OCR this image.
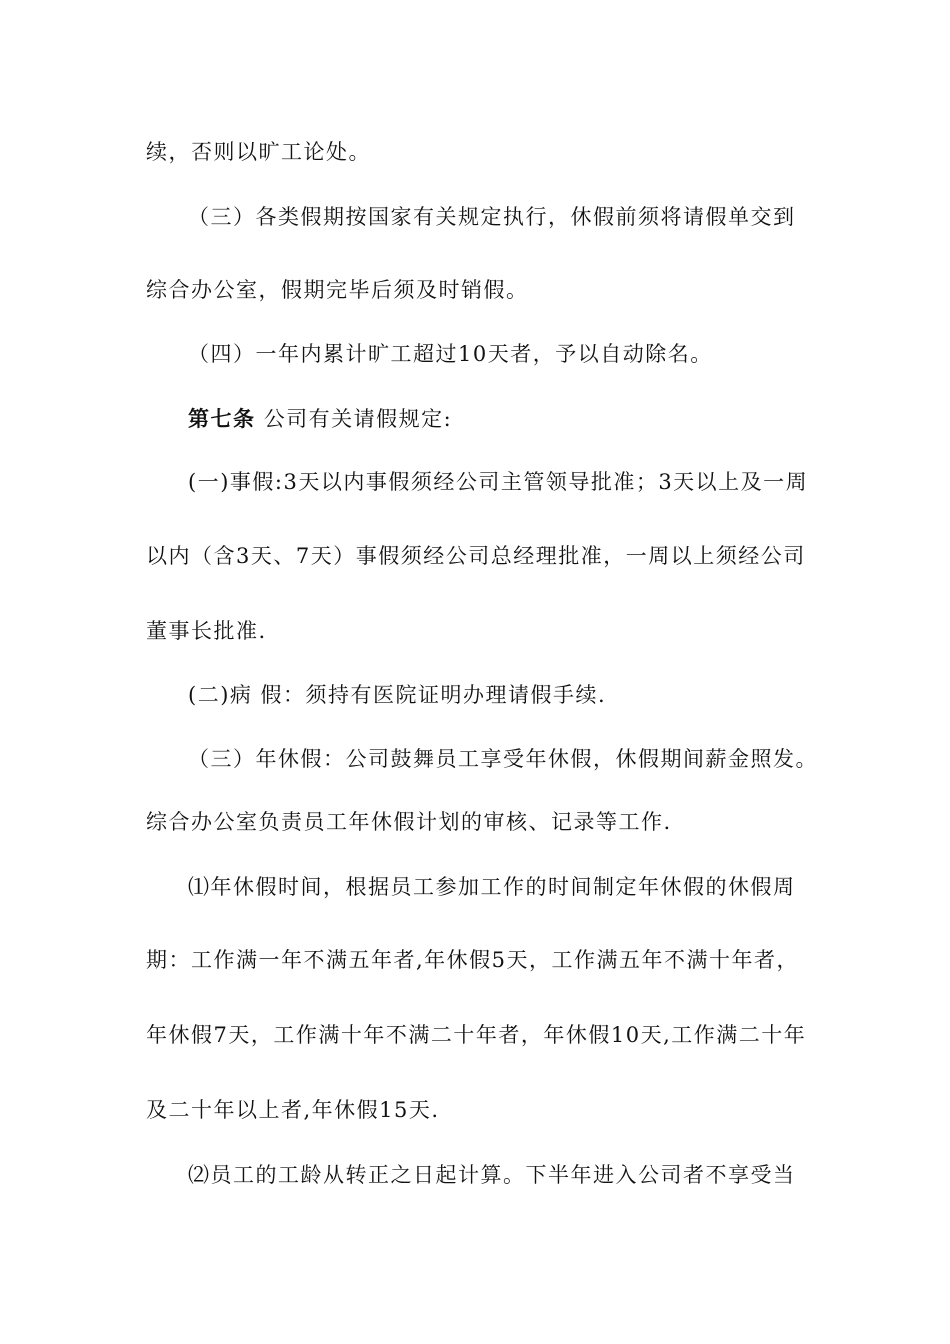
续，否则以旷工论处。
（三）各类假期按国家有关规定执行，休假前须将请假单交到
综合办公室，假期完毕后须及时销假。
（四）一年内累计旷工超过10天者，予以自动除名。
第七条 公司有关请假规定:
(一)事假:3天以内事假须经公司主管领导批准；3天以上及一周
以内（含3天、7天）事假须经公司总经理批准，一周以上须经公司
董事长批准.
(二)病 假：须持有医院证明办理请假手续.
（三）年休假：公司鼓舞员工享受年休假，休假期间薪金照发。
综合办公室负责员工年休假计划的审核、记录等工作.
⑴年休假时间，根据员工参加工作的时间制定年休假的休假周
期：工作满一年不满五年者,年休假5天，工作满五年不满十年者，
年休假7天，工作满十年不满二十年者，年休假10天,工作满二十年
及二十年以上者,年休假15天.
⑵员工的工龄从转正之日起计算。下半年进入公司者不享受当
